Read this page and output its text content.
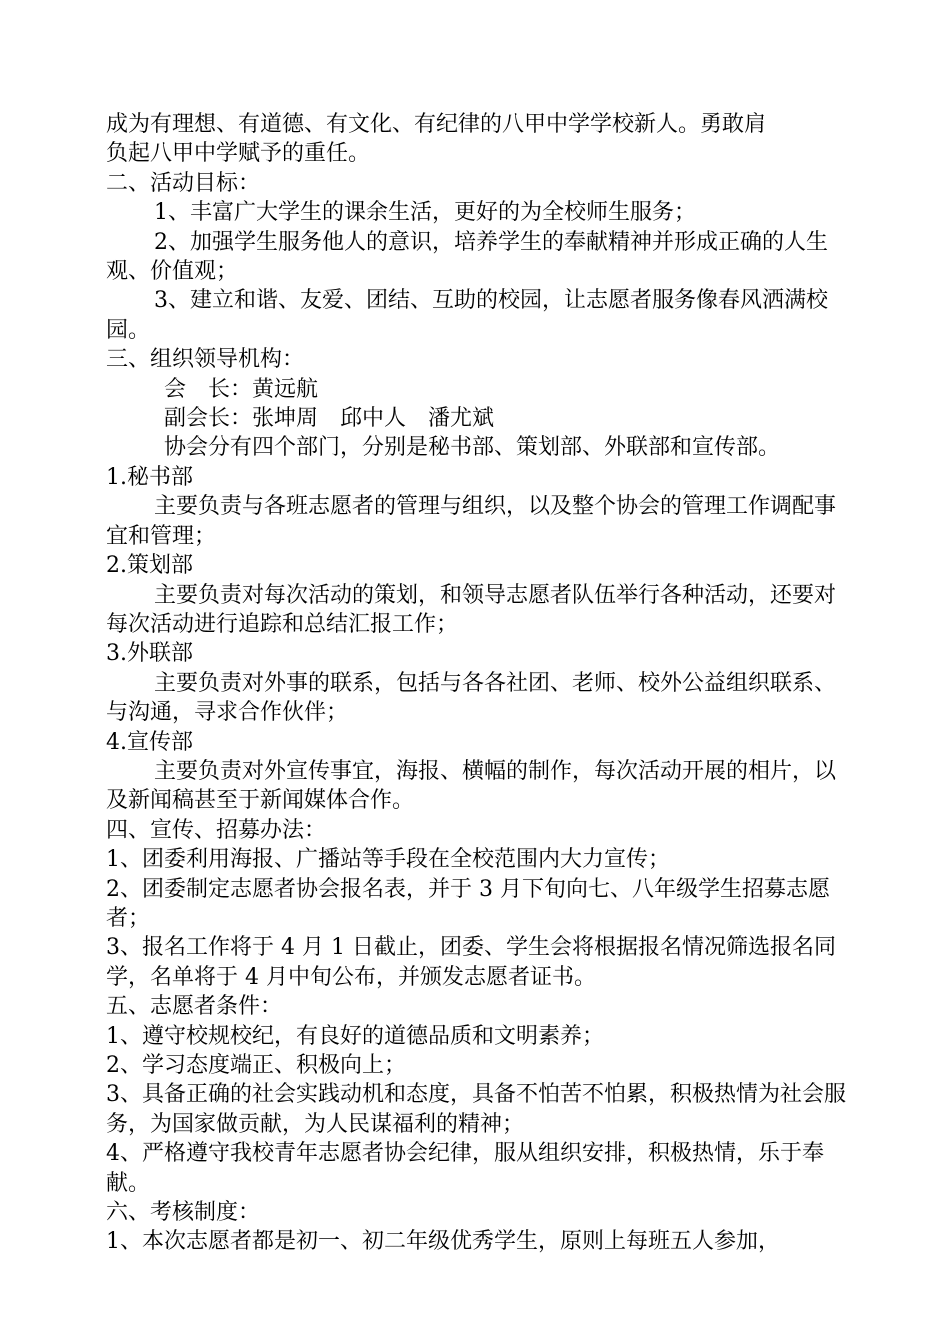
成为有理想、有道德、有文化、有纪律的八甲中学学校新人。勇敢肩

负起八甲中学赋予的重任。

二、活动目标：

1、丰富广大学生的课余生活，更好的为全校师生服务；

2、加强学生服务他人的意识，培养学生的奉献精神并形成正确的人生观、价值观；

3、建立和谐、友爱、团结、互助的校园，让志愿者服务像春风洒满校园。

三、组织领导机构：

会　长：黄远航

副会长：张坤周　邱中人　潘尤斌

协会分有四个部门，分别是秘书部、策划部、外联部和宣传部。

1.秘书部

主要负责与各班志愿者的管理与组织，以及整个协会的管理工作调配事宜和管理；

2.策划部

主要负责对每次活动的策划，和领导志愿者队伍举行各种活动，还要对每次活动进行追踪和总结汇报工作；

3.外联部

主要负责对外事的联系，包括与各各社团、老师、校外公益组织联系、与沟通，寻求合作伙伴；

4.宣传部

主要负责对外宣传事宜，海报、横幅的制作，每次活动开展的相片，以及新闻稿甚至于新闻媒体合作。

四、宣传、招募办法：

1、团委利用海报、广播站等手段在全校范围内大力宣传；

2、团委制定志愿者协会报名表，并于 3 月下旬向七、八年级学生招募志愿者；

3、报名工作将于 4 月 1 日截止，团委、学生会将根据报名情况筛选报名同学，名单将于 4 月中旬公布，并颁发志愿者证书。

五、志愿者条件：

1、遵守校规校纪，有良好的道德品质和文明素养；

2、学习态度端正、积极向上；

3、具备正确的社会实践动机和态度，具备不怕苦不怕累，积极热情为社会服务，为国家做贡献，为人民谋福利的精神；

4、严格遵守我校青年志愿者协会纪律，服从组织安排，积极热情，乐于奉献。

六、考核制度：

1、本次志愿者都是初一、初二年级优秀学生，原则上每班五人参加，
